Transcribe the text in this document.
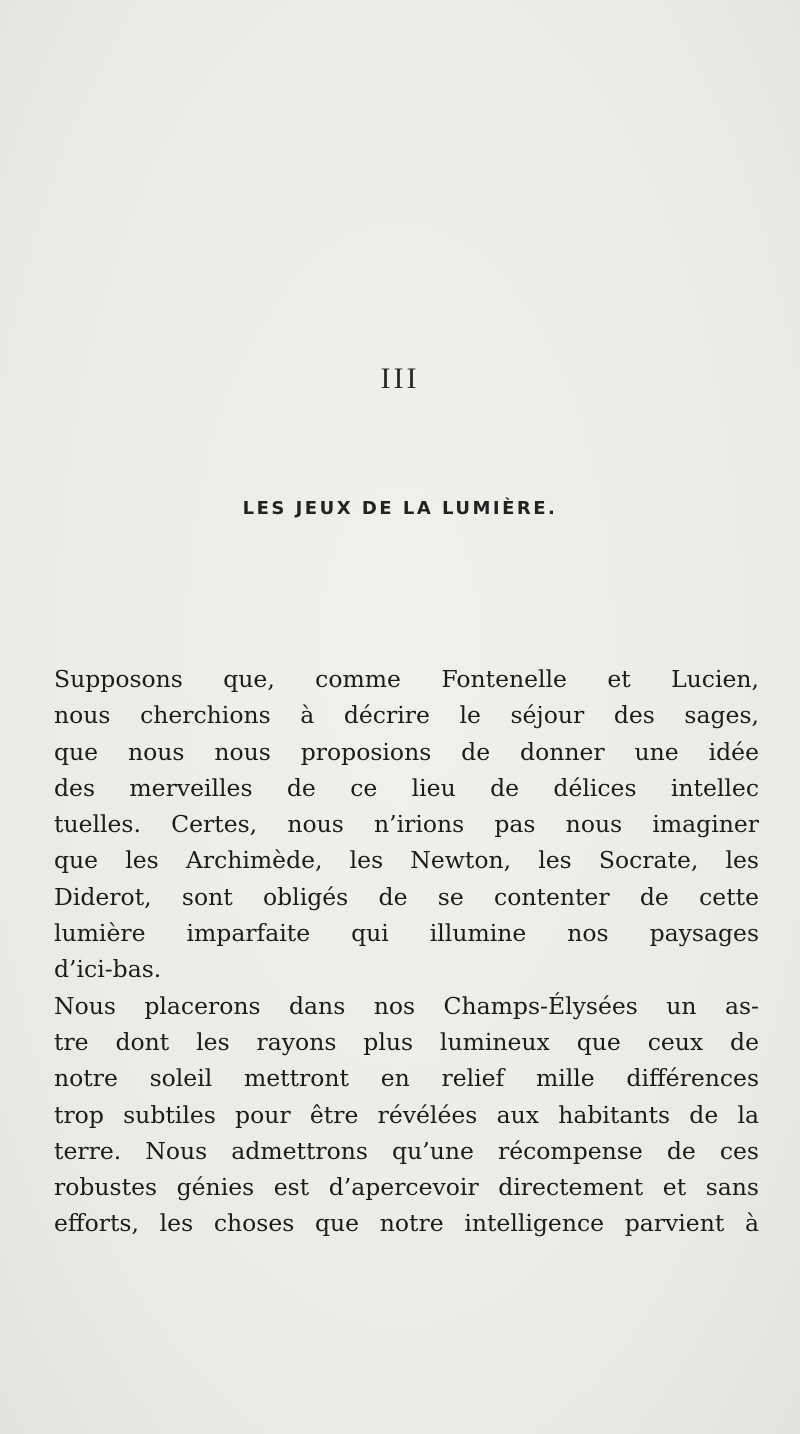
III
LES JEUX DE LA LUMIÈRE.
Supposons que, comme Fontenelle et Lucien,
nous cherchions à décrire le séjour des sages,
que nous nous proposions de donner une idée
des merveilles de ce lieu de délices intellec
tuelles. Certes, nous n’irions pas nous imaginer
que les Archimède, les Newton, les Socrate, les
Diderot, sont obligés de se contenter de cette
lumière imparfaite qui illumine nos paysages
d’ici-bas.
Nous placerons dans nos Champs-Élysées un as-
tre dont les rayons plus lumineux que ceux de
notre soleil mettront en relief mille différences
trop subtiles pour être révélées aux habitants de la
terre. Nous admettrons qu’une récompense de ces
robustes génies est d’apercevoir directement et sans
efforts, les choses que notre intelligence parvient à
